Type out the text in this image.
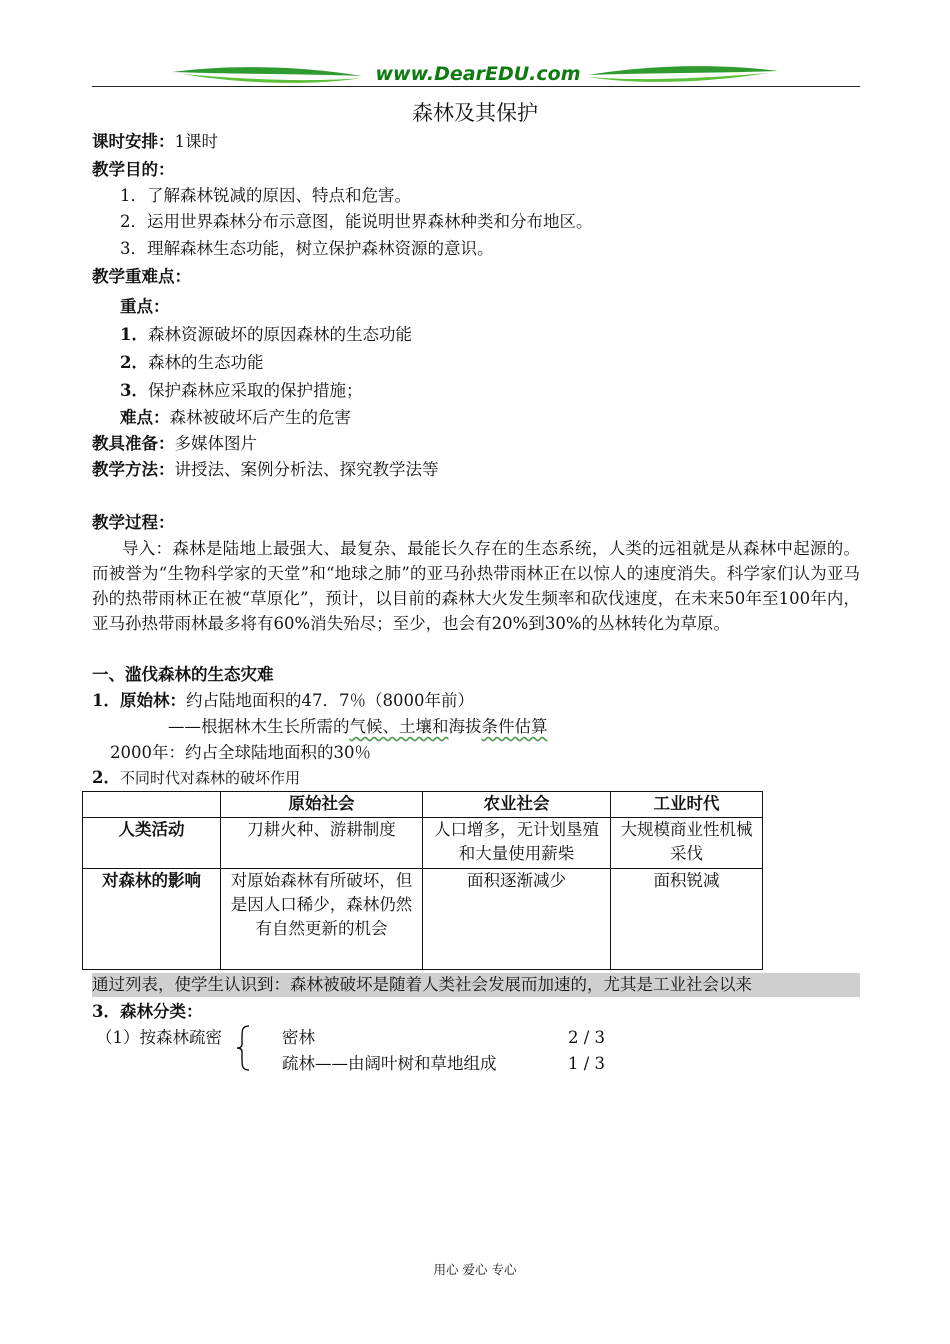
www.DearEDU.com
森林及其保护
课时安排：1课时
教学目的：
1．了解森林锐减的原因、特点和危害。
2．运用世界森林分布示意图，能说明世界森林种类和分布地区。
3．理解森林生态功能，树立保护森林资源的意识。
教学重难点：
重点：
1．森林资源破坏的原因森林的生态功能
2．森林的生态功能
3．保护森林应采取的保护措施；
难点：森林被破坏后产生的危害
教具准备：多媒体图片
教学方法：讲授法、案例分析法、探究教学法等
教学过程：
导入：森林是陆地上最强大、最复杂、最能长久存在的生态系统，人类的远祖就是从森林中起源的。而被誉为“生物科学家的天堂”和“地球之肺”的亚马孙热带雨林正在以惊人的速度消失。科学家们认为亚马孙的热带雨林正在被“草原化”，预计，以目前的森林大火发生频率和砍伐速度，在未来50年至100年内，亚马孙热带雨林最多将有60%消失殆尽；至少，也会有20%到30%的丛林转化为草原。
一、滥伐森林的生态灾难
1．原始林：约占陆地面积的47．7％（8000年前）
——根据林木生长所需的气候、土壤和海拔条件估算
2000年：约占全球陆地面积的30％
2．不同时代对森林的破坏作用
	原始社会	农业社会	工业时代
人类活动	刀耕火种、游耕制度	人口增多，无计划垦殖和大量使用薪柴	大规模商业性机械采伐
对森林的影响	对原始森林有所破坏，但是因人口稀少，森林仍然有自然更新的机会	面积逐渐减少	面积锐减
通过列表，使学生认识到：森林被破坏是随着人类社会发展而加速的，尤其是工业社会以来
3．森林分类：
（1）按森林疏密	密林	2 / 3
疏林——由阔叶树和草地组成	1 / 3
用心 爱心 专心
